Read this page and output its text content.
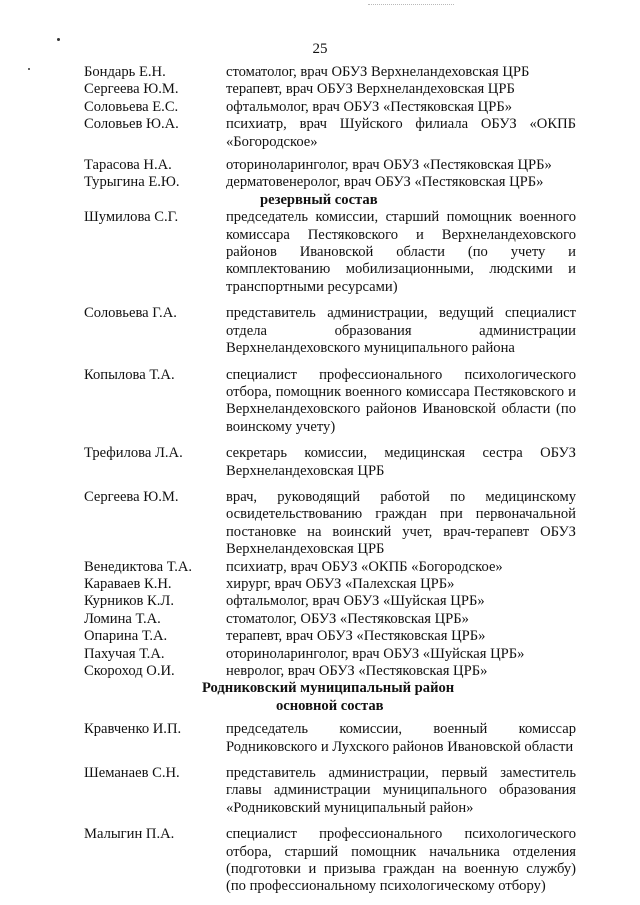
25
Бондарь Е.Н.	стоматолог, врач ОБУЗ Верхнеландеховская ЦРБ
Сергеева Ю.М.	терапевт, врач ОБУЗ Верхнеландеховская ЦРБ
Соловьева Е.С.	офтальмолог, врач ОБУЗ «Пестяковская ЦРБ»
Соловьев Ю.А.	психиатр, врач Шуйского филиала ОБУЗ «ОКПБ «Богородское»
Тарасова Н.А.	оториноларинголог, врач ОБУЗ «Пестяковская ЦРБ»
Турыгина Е.Ю.	дерматовенеролог, врач ОБУЗ «Пестяковская ЦРБ»
резервный состав
Шумилова С.Г.	председатель комиссии, старший помощник военного комиссара Пестяковского и Верхнеландеховского районов Ивановской области (по учету и комплектованию мобилизационными, людскими и транспортными ресурсами)
Соловьева Г.А.	представитель администрации, ведущий специалист отдела образования администрации Верхнеландеховского муниципального района
Копылова Т.А.	специалист профессионального психологического отбора, помощник военного комиссара Пестяковского и Верхнеландеховского районов Ивановской области (по воинскому учету)
Трефилова Л.А.	секретарь комиссии, медицинская сестра ОБУЗ Верхнеландеховская ЦРБ
Сергеева Ю.М.	врач, руководящий работой по медицинскому освидетельствованию граждан при первоначальной постановке на воинский учет, врач-терапевт ОБУЗ Верхнеландеховская ЦРБ
Венедиктова Т.А.	психиатр, врач ОБУЗ «ОКПБ «Богородское»
Караваев К.Н.	хирург, врач ОБУЗ «Палехская ЦРБ»
Курников К.Л.	офтальмолог, врач ОБУЗ «Шуйская ЦРБ»
Ломина Т.А.	стоматолог, ОБУЗ «Пестяковская ЦРБ»
Опарина Т.А.	терапевт, врач ОБУЗ «Пестяковская ЦРБ»
Пахучая Т.А.	оториноларинголог, врач ОБУЗ «Шуйская ЦРБ»
Скороход О.И.	невролог, врач ОБУЗ «Пестяковская ЦРБ»
Родниковский муниципальный район
основной состав
Кравченко И.П.	председатель комиссии, военный комиссар Родниковского и Лухского районов Ивановской области
Шеманаев С.Н.	представитель администрации, первый заместитель главы администрации муниципального образования «Родниковский муниципальный район»
Малыгин П.А.	специалист профессионального психологического отбора, старший помощник начальника отделения (подготовки и призыва граждан на военную службу) (по профессиональному психологическому отбору)
